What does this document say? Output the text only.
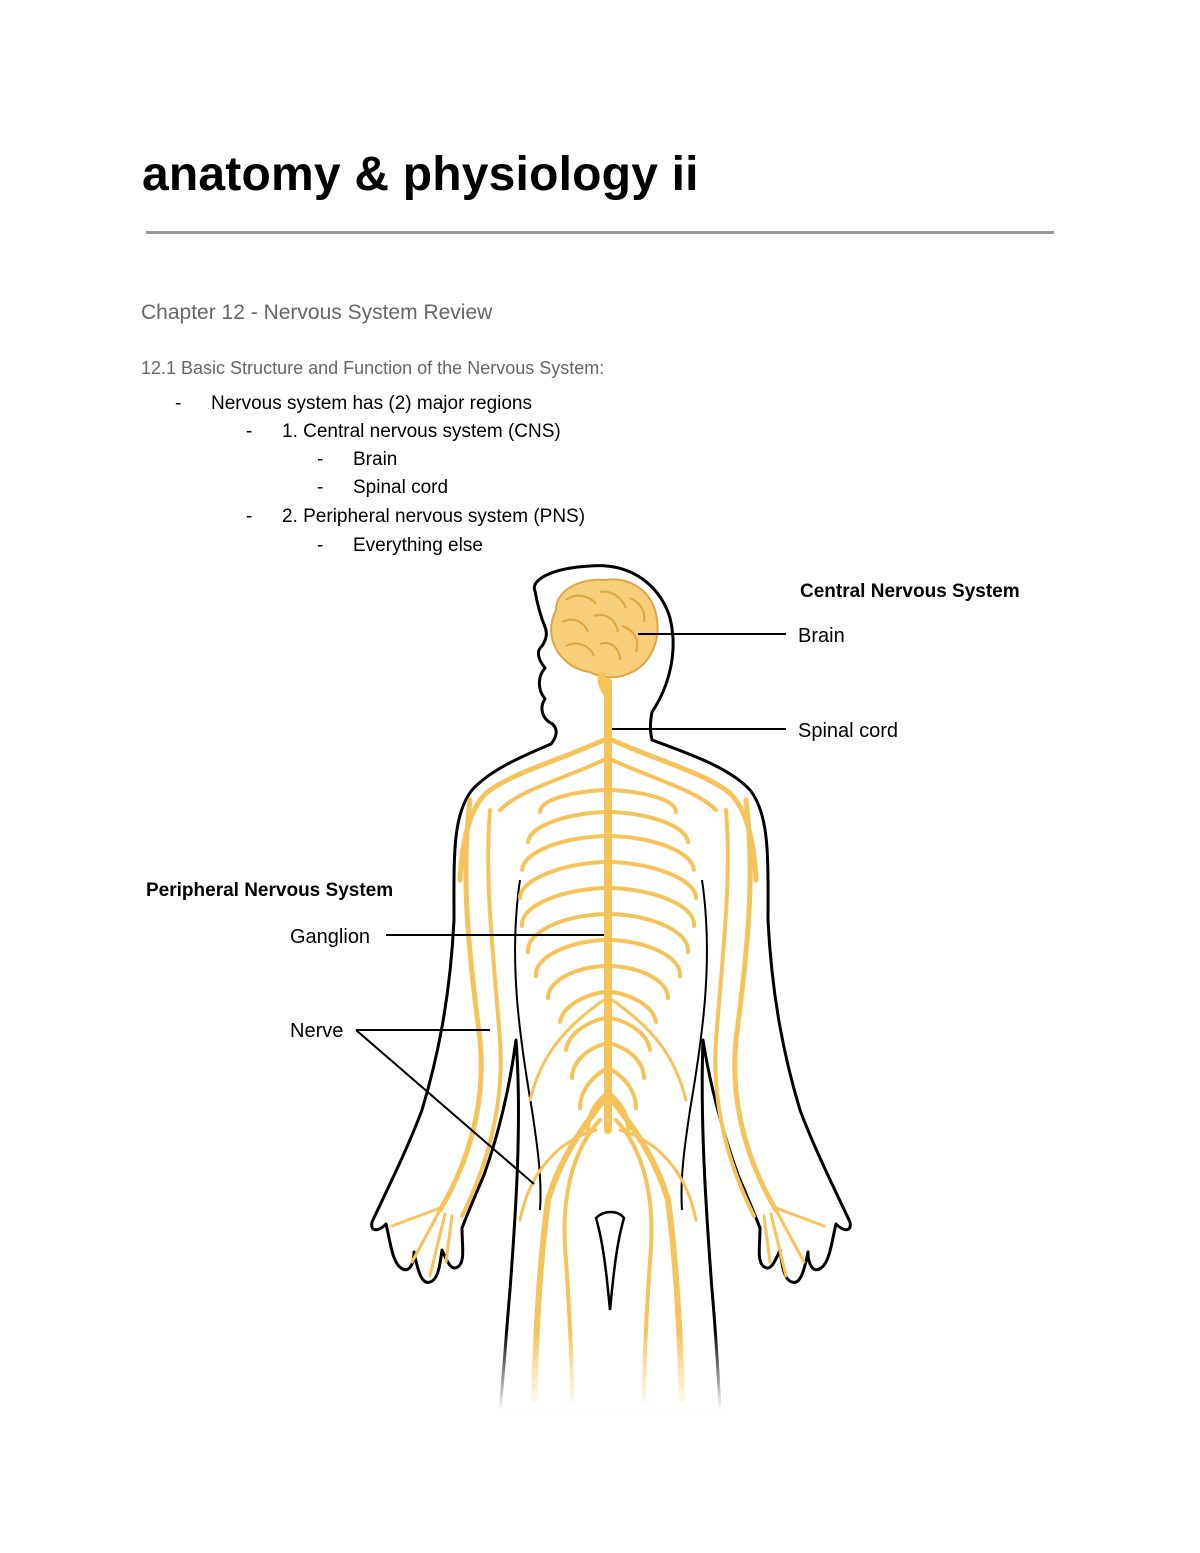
anatomy & physiology ii
Chapter 12 - Nervous System Review
12.1 Basic Structure and Function of the Nervous System:
- Nervous system has (2) major regions
- 1. Central nervous system (CNS)
- Brain
- Spinal cord
- 2. Peripheral nervous system (PNS)
- Everything else
Central Nervous System
Brain
Spinal cord
Peripheral Nervous System
Ganglion
Nerve
